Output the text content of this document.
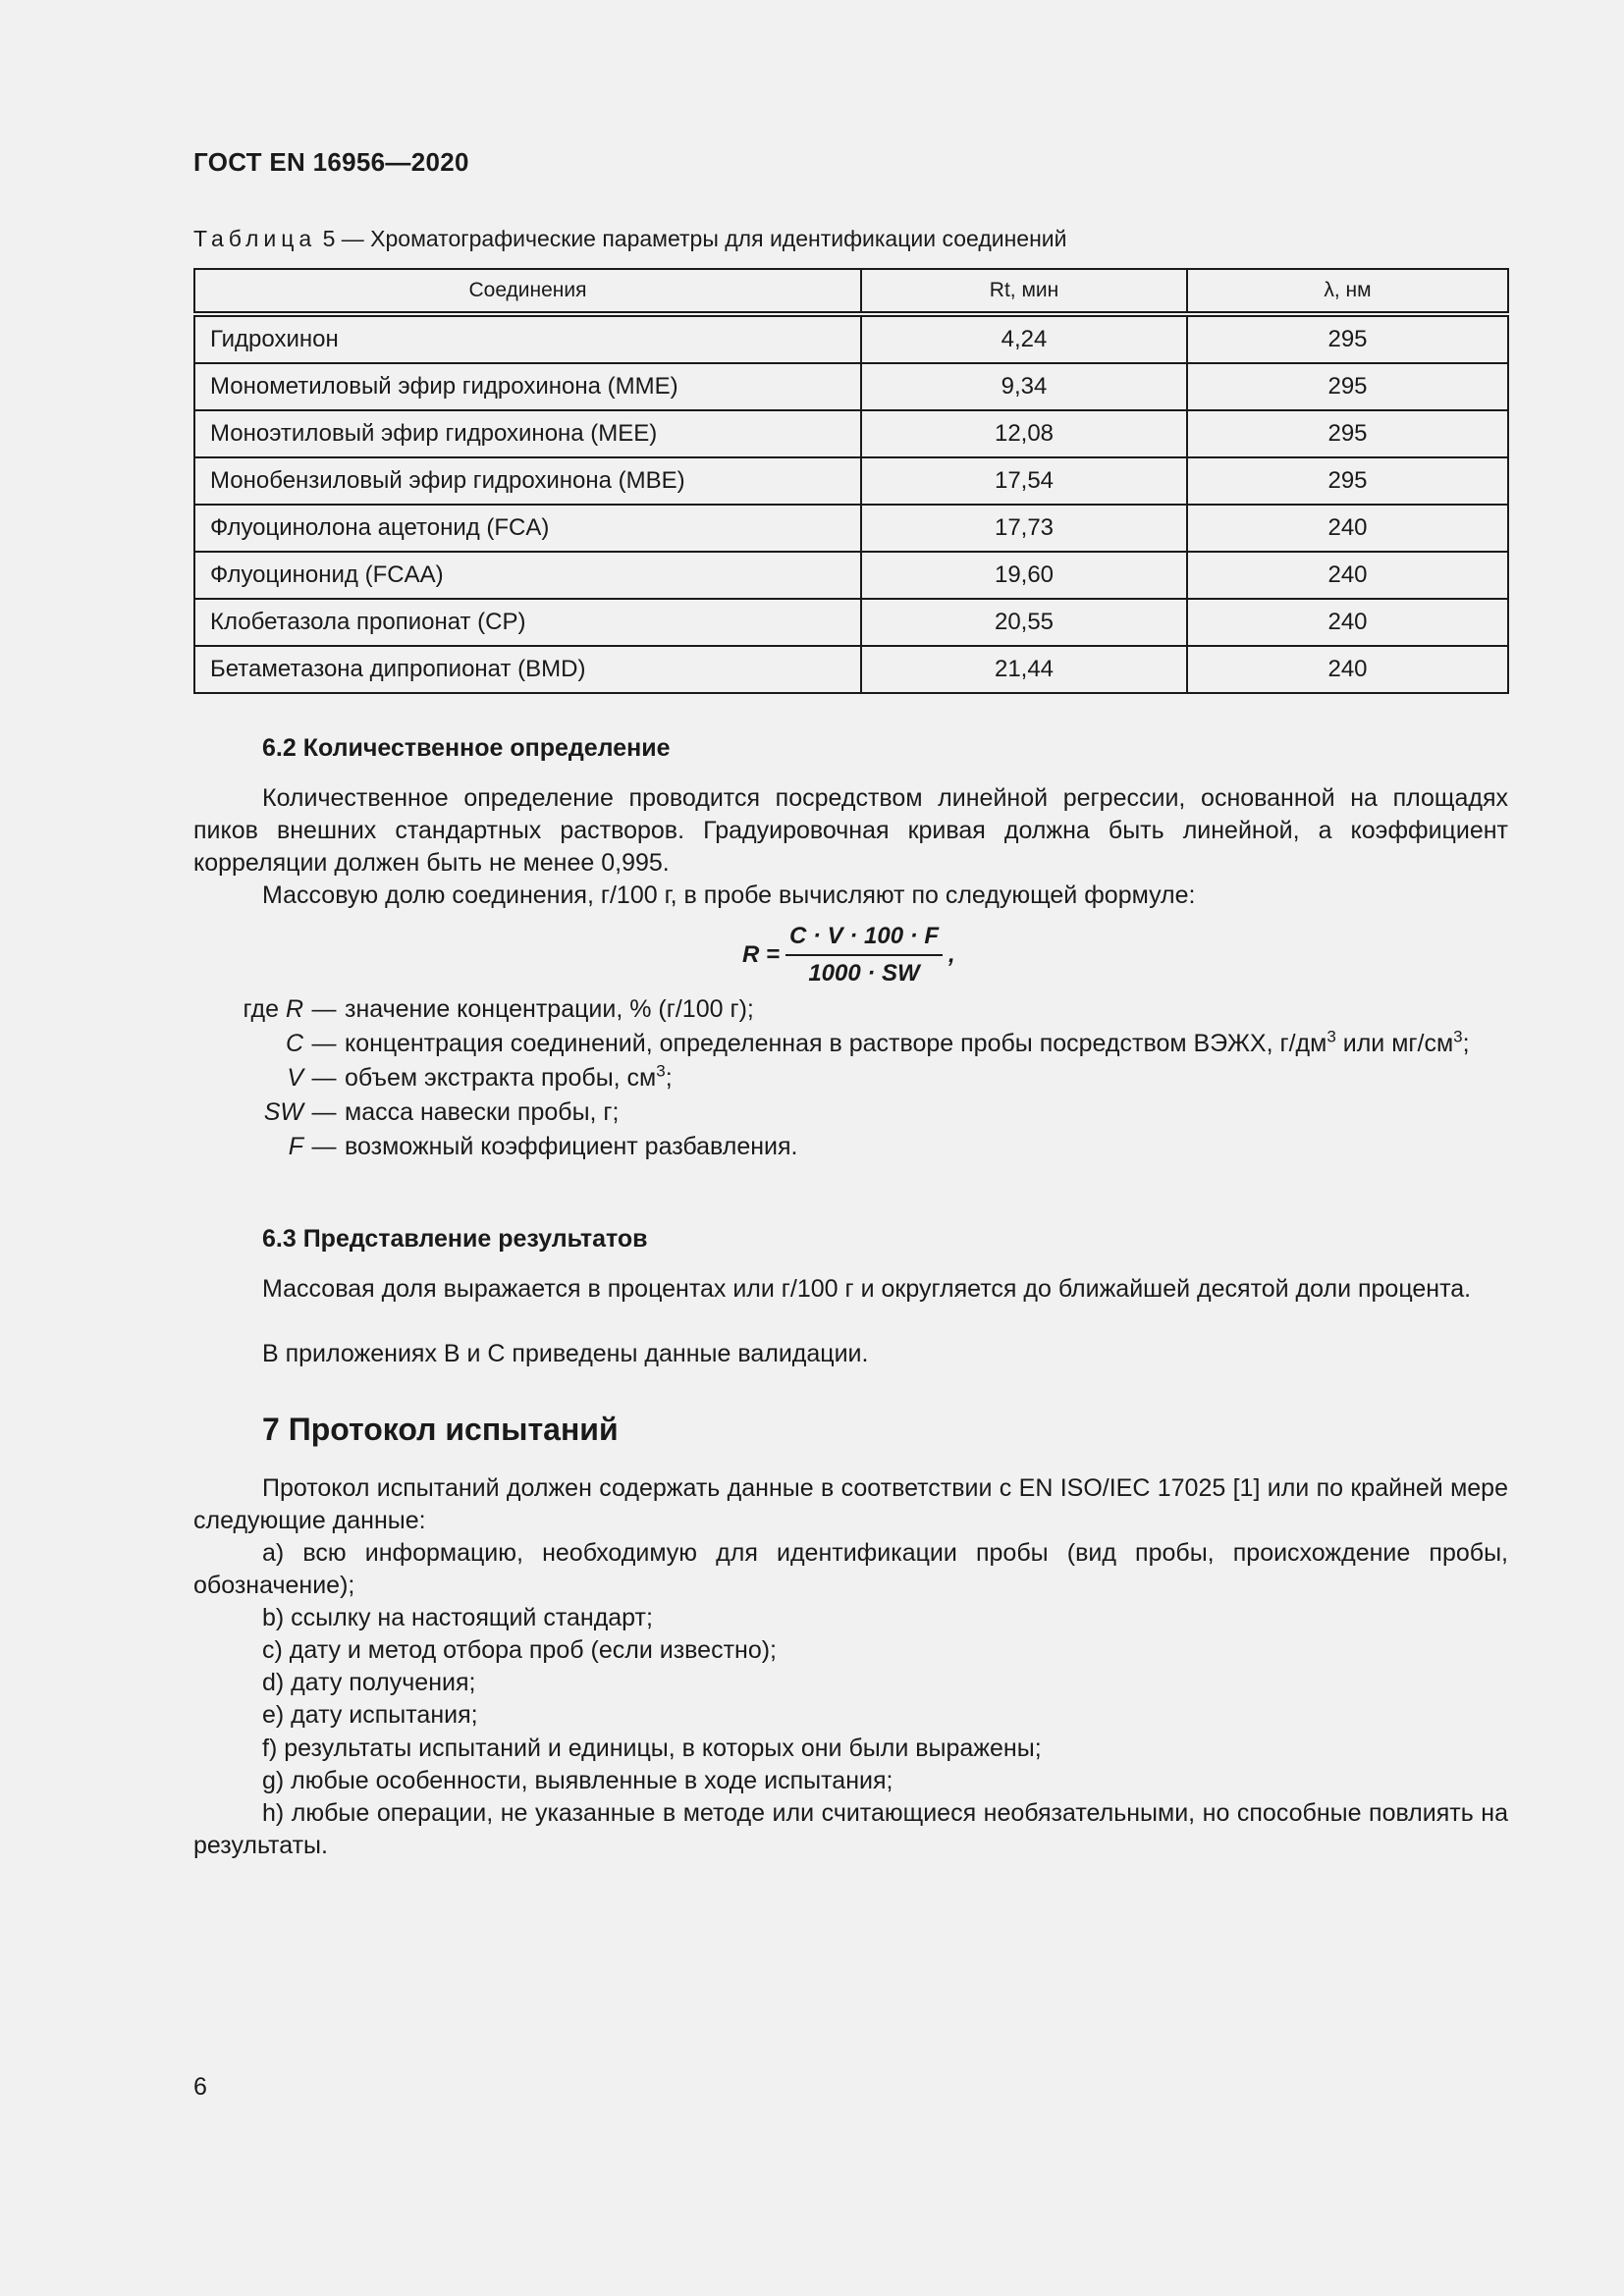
ГОСТ EN 16956—2020
Таблица 5 — Хроматографические параметры для идентификации соединений
Соединения	Rt, мин	λ, нм
Гидрохинон	4,24	295
Монометиловый эфир гидрохинона (MME)	9,34	295
Моноэтиловый эфир гидрохинона (MEE)	12,08	295
Монобензиловый эфир гидрохинона (MBE)	17,54	295
Флуоцинолона ацетонид (FCA)	17,73	240
Флуоцинонид (FCAA)	19,60	240
Клобетазола пропионат (CP)	20,55	240
Бетаметазона дипропионат (BMD)	21,44	240
6.2 Количественное определение
Количественное определение проводится посредством линейной регрессии, основанной на площадях пиков внешних стандартных растворов. Градуировочная кривая должна быть линейной, а коэффициент корреляции должен быть не менее 0,995.
Массовую долю соединения, г/100 г, в пробе вычисляют по следующей формуле:
$R = \frac{C \cdot V \cdot 100 \cdot F}{1000 \cdot SW}$ ,
где R — значение концентрации, % (г/100 г);
C — концентрация соединений, определенная в растворе пробы посредством ВЭЖХ, $г/дм^3$ или $мг/см^3$;
V — объем экстракта пробы, $см^3$;
SW — масса навески пробы, г;
F — возможный коэффициент разбавления.
6.3 Представление результатов
Массовая доля выражается в процентах или г/100 г и округляется до ближайшей десятой доли процента.
В приложениях B и C приведены данные валидации.
7 Протокол испытаний
Протокол испытаний должен содержать данные в соответствии с EN ISO/IEC 17025 [1] или по крайней мере следующие данные:
a) всю информацию, необходимую для идентификации пробы (вид пробы, происхождение пробы, обозначение);
b) ссылку на настоящий стандарт;
c) дату и метод отбора проб (если известно);
d) дату получения;
e) дату испытания;
f) результаты испытаний и единицы, в которых они были выражены;
g) любые особенности, выявленные в ходе испытания;
h) любые операции, не указанные в методе или считающиеся необязательными, но способные повлиять на результаты.
6
